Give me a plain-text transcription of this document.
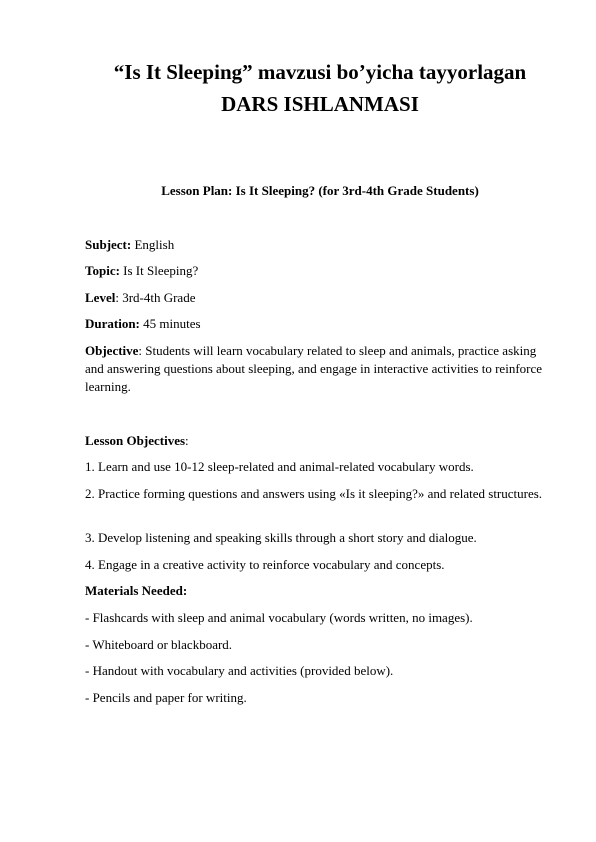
“Is It Sleeping” mavzusi bo’yicha tayyorlagan
DARS ISHLANMASI
Lesson Plan: Is It Sleeping? (for 3rd-4th Grade Students)
Subject: English
Topic: Is It Sleeping?
Level: 3rd-4th Grade
Duration: 45 minutes
Objective: Students will learn vocabulary related to sleep and animals, practice asking and answering questions about sleeping, and engage in interactive activities to reinforce learning.
Lesson Objectives:
1. Learn and use 10-12 sleep-related and animal-related vocabulary words.
2. Practice forming questions and answers using «Is it sleeping?» and related structures.
3. Develop listening and speaking skills through a short story and dialogue.
4. Engage in a creative activity to reinforce vocabulary and concepts.
Materials Needed:
- Flashcards with sleep and animal vocabulary (words written, no images).
- Whiteboard or blackboard.
- Handout with vocabulary and activities (provided below).
- Pencils and paper for writing.
